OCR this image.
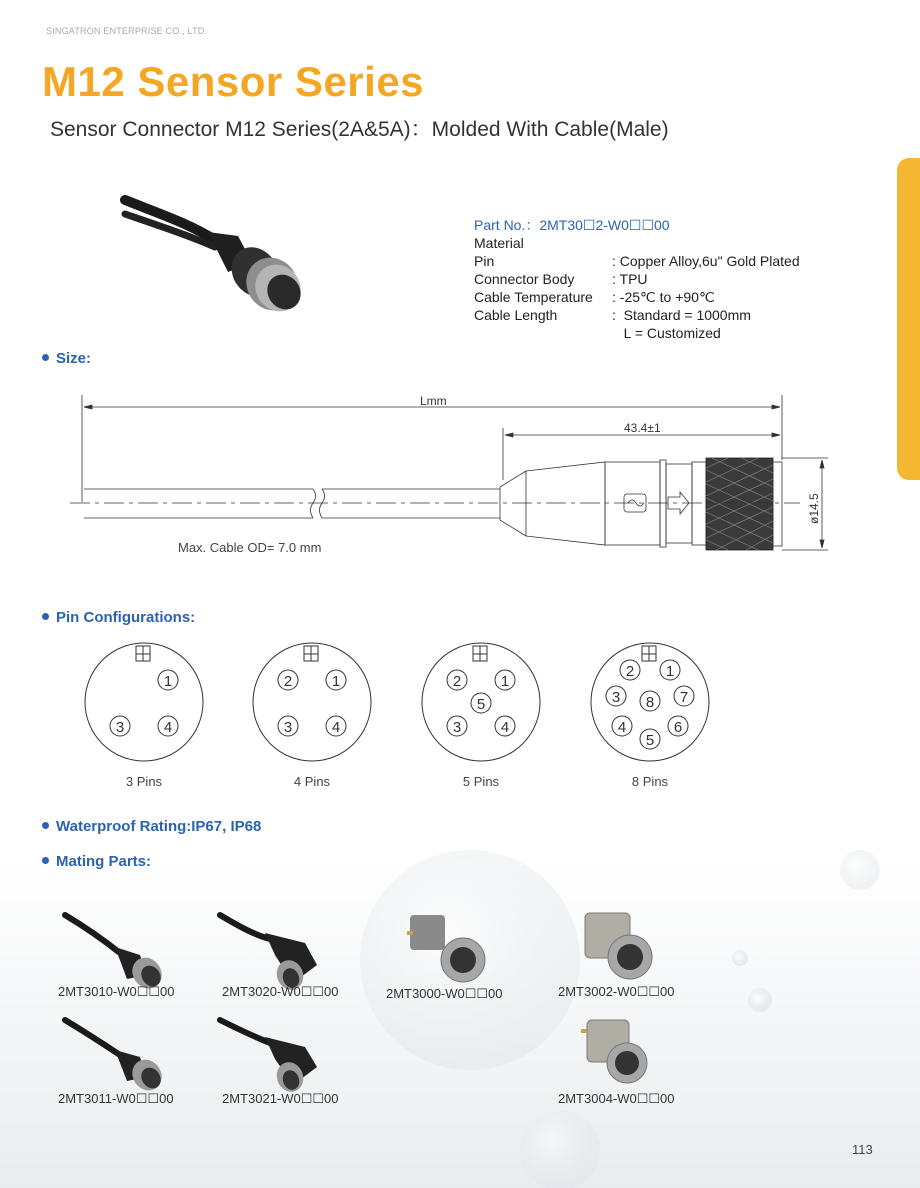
SINGATRON ENTERPRISE CO., LTD.
M12 Sensor Series
Sensor Connector M12 Series(2A&5A)：Molded With Cable(Male)
Part No.：2MT30☐2-W0☐☐00
Material
Pin	: Copper Alloy,6u" Gold Plated
Connector Body	: TPU
Cable Temperature	: -25℃ to +90℃
Cable Length	:  Standard = 1000mm
L = Customized
Size:
Pin Configurations:
Waterproof Rating:IP67, IP68
Mating Parts:
Lmm
43.4±1
ø14.5
Max. Cable OD= 7.0 mm
1
3	4
2	1
3	4
2	1
5
3	4
2 1
3 8 7
4	6
5
3 Pins	4 Pins	5 Pins	8 Pins
2MT3010-W0☐☐00	2MT3020-W0☐☐00	2MT3000-W0☐☐00	2MT3002-W0☐☐00
2MT3011-W0☐☐00	2MT3021-W0☐☐00	2MT3004-W0☐☐00
113
